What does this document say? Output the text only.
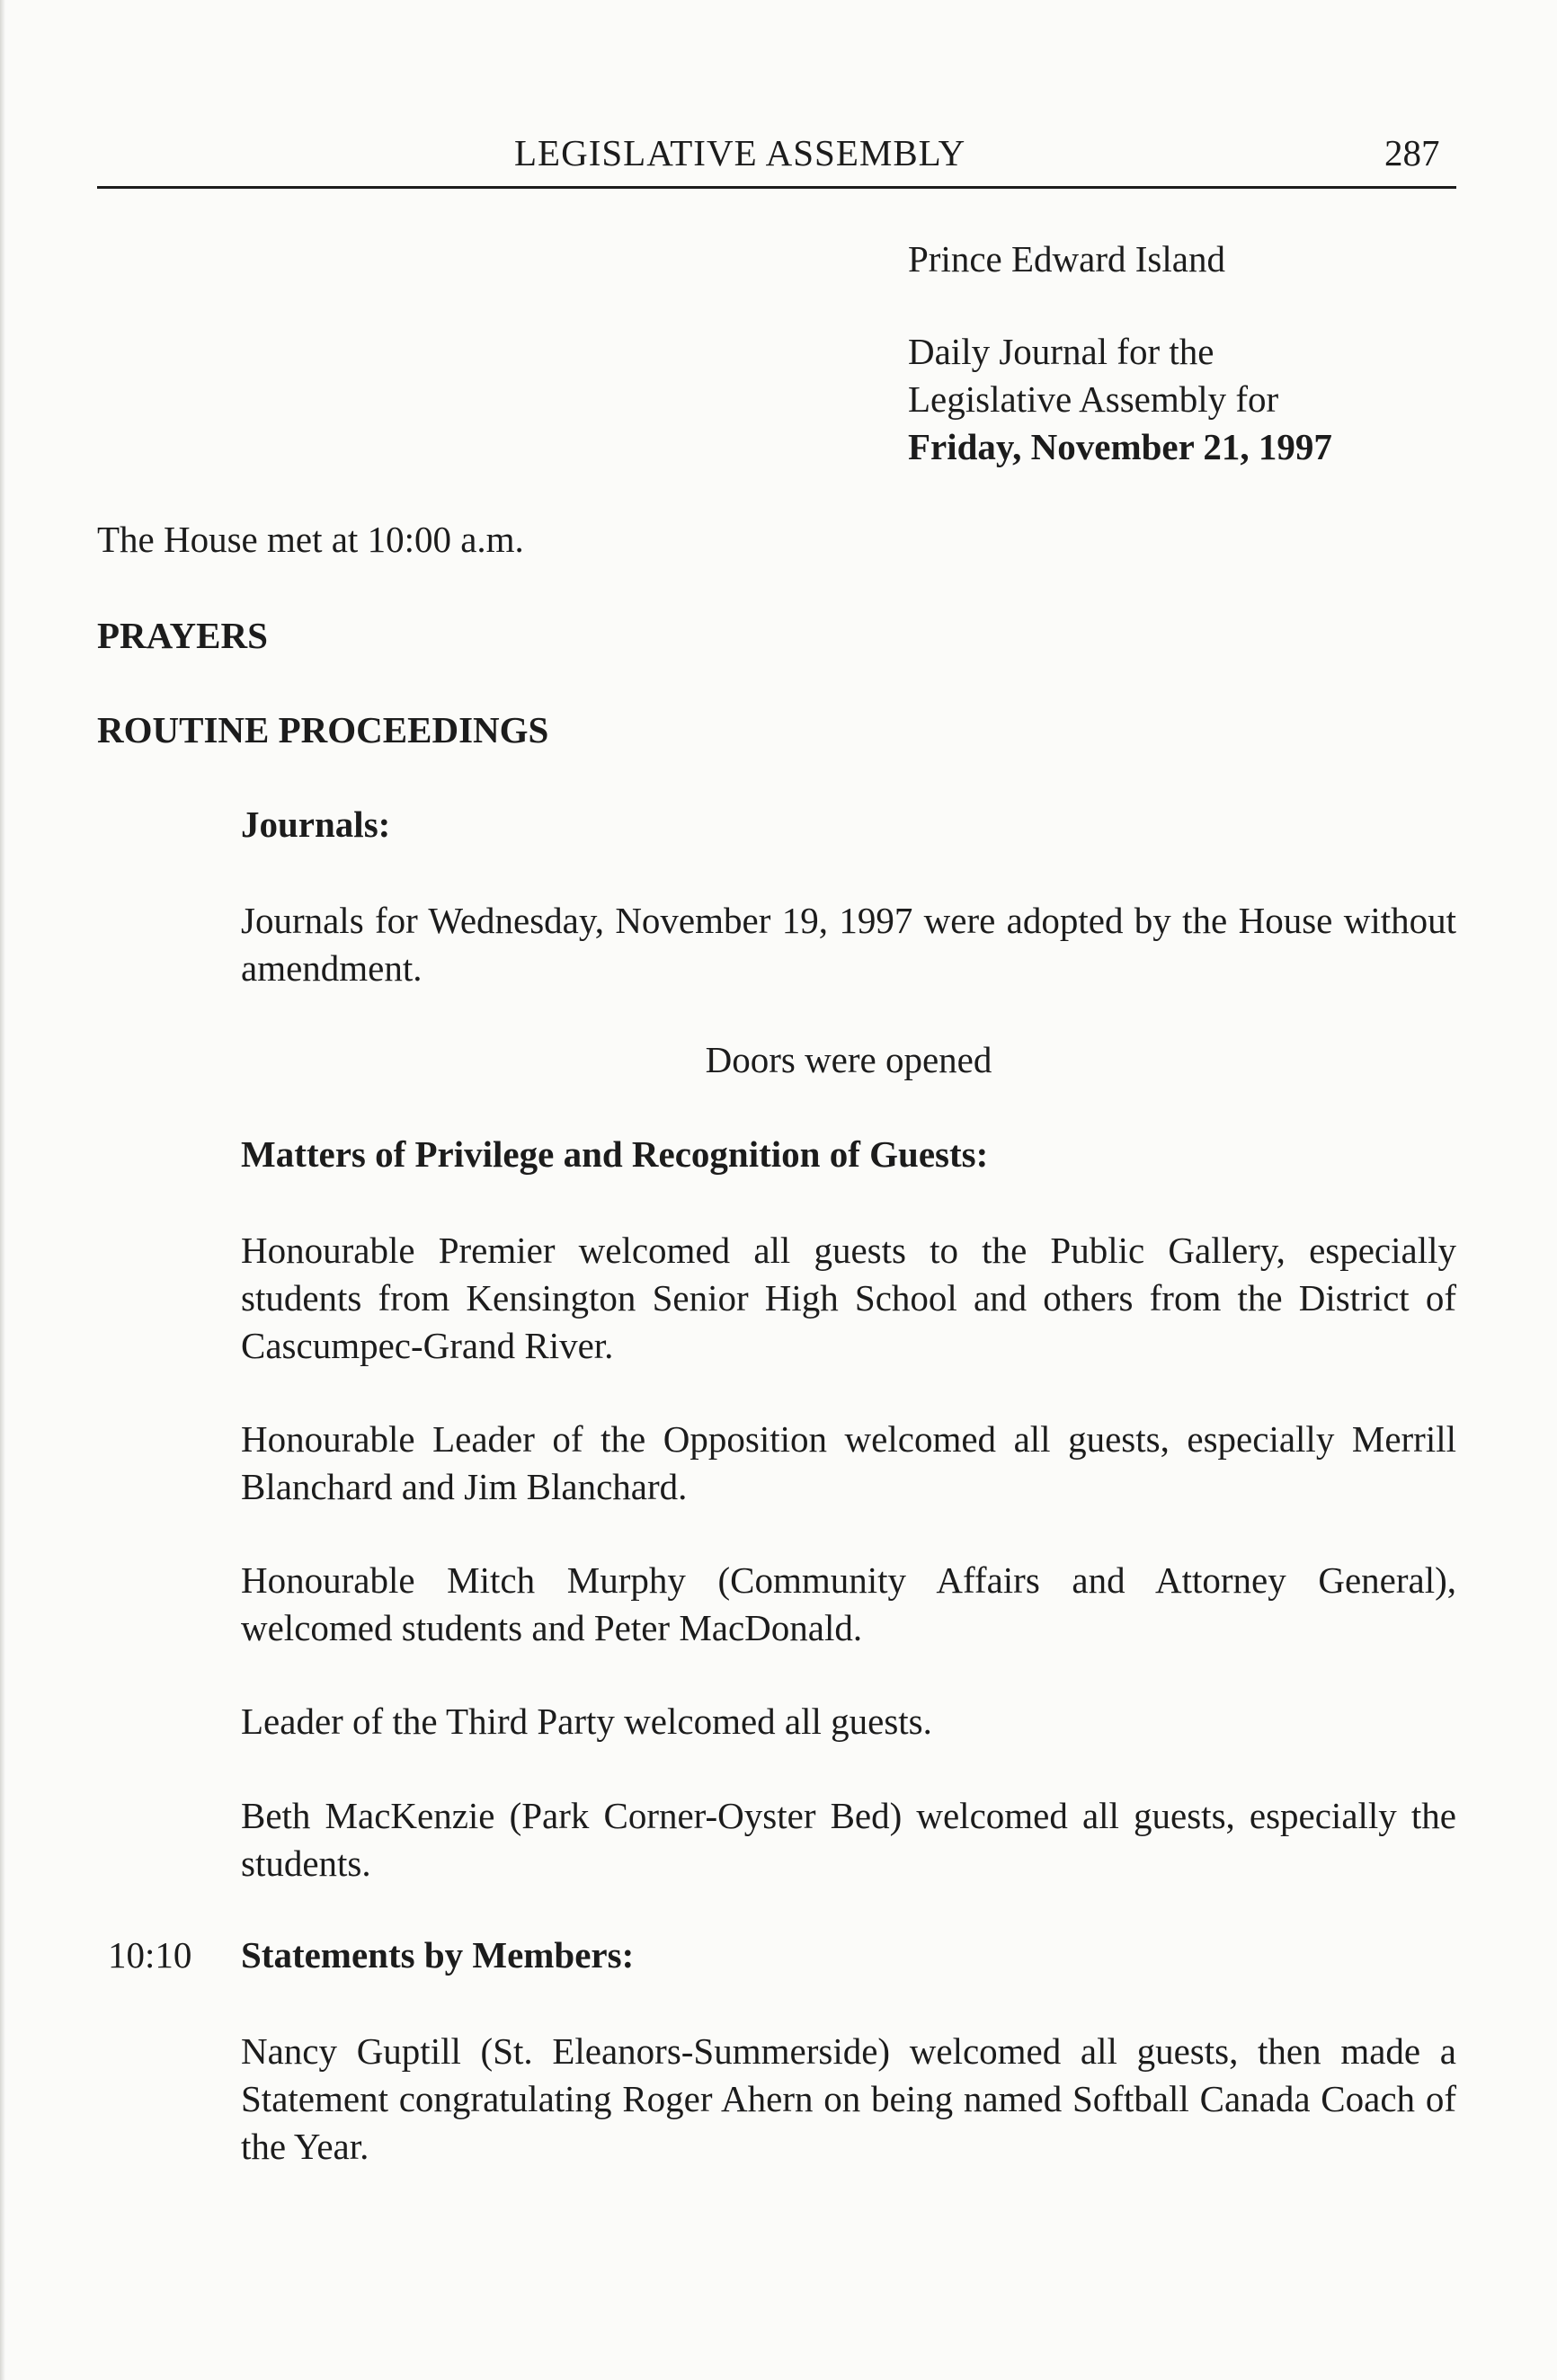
LEGISLATIVE ASSEMBLY	287
Prince Edward Island
Daily Journal for the
Legislative Assembly for
Friday, November 21, 1997
The House met at 10:00 a.m.
PRAYERS
ROUTINE PROCEEDINGS
Journals:
Journals for Wednesday, November 19, 1997 were adopted by the House without amendment.
Doors were opened
Matters of Privilege and Recognition of Guests:
Honourable Premier welcomed all guests to the Public Gallery, especially students from Kensington Senior High School and others from the District of Cascumpec-Grand River.
Honourable Leader of the Opposition welcomed all guests, especially Merrill Blanchard and Jim Blanchard.
Honourable Mitch Murphy (Community Affairs and Attorney General), welcomed students and Peter MacDonald.
Leader of the Third Party welcomed all guests.
Beth MacKenzie (Park Corner-Oyster Bed) welcomed all guests, especially the students.
10:10 Statements by Members:
Nancy Guptill (St. Eleanors-Summerside) welcomed all guests, then made a Statement congratulating Roger Ahern on being named Softball Canada Coach of the Year.
